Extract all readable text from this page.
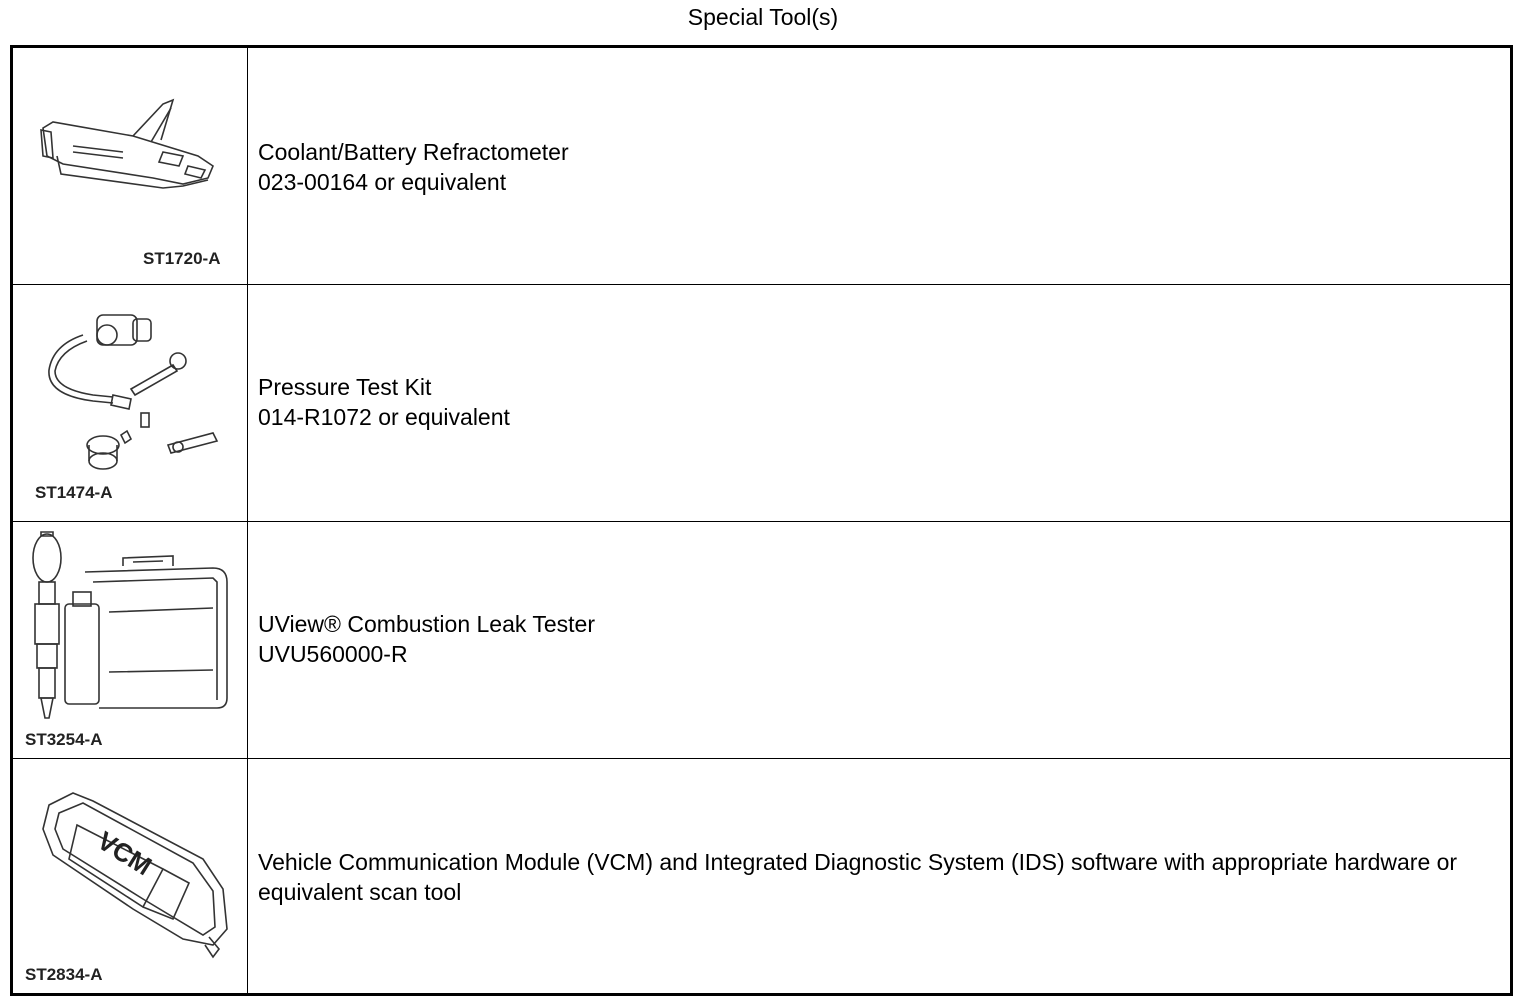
Special Tool(s)
ST1720-A
Coolant/Battery Refractometer
023-00164 or equivalent
ST1474-A
Pressure Test Kit
014-R1072 or equivalent
ST3254-A
UView® Combustion Leak Tester
UVU560000-R
VCM
ST2834-A
Vehicle Communication Module (VCM) and Integrated Diagnostic System (IDS) software with appropriate hardware or equivalent scan tool
